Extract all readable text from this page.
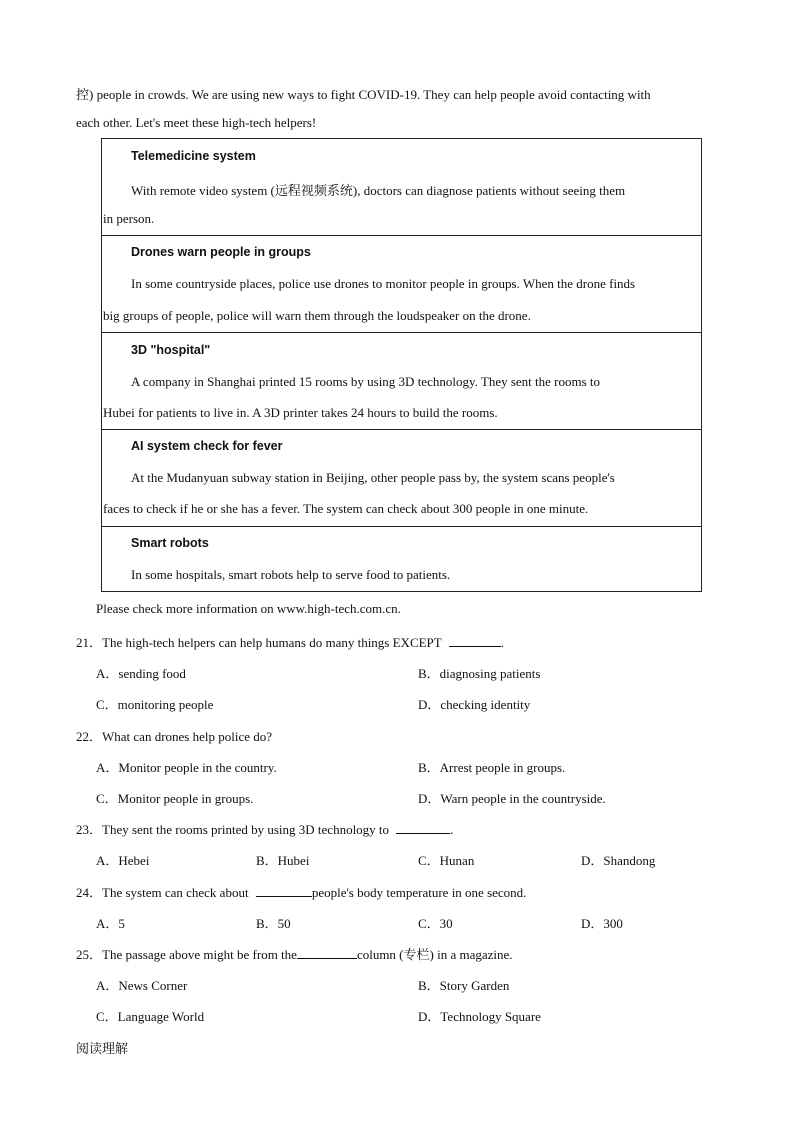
控) people in crowds. We are using new ways to fight COVID-19. They can help people avoid contacting with
each other. Let's meet these high-tech helpers!
Telemedicine system
With remote video system (远程视频系统), doctors can diagnose patients without seeing them
in person.
Drones warn people in groups
In some countryside places, police use drones to monitor people in groups. When the drone finds
big groups of people, police will warn them through the loudspeaker on the drone.
3D "hospital"
A company in Shanghai printed 15 rooms by using 3D technology. They sent the rooms to
Hubei for patients to live in. A 3D printer takes 24 hours to build the rooms.
AI system check for fever
At the Mudanyuan subway station in Beijing, other people pass by, the system scans people's
faces to check if he or she has a fever. The system can check about 300 people in one minute.
Smart robots
In some hospitals, smart robots help to serve food to patients.
Please check more information on www.high-tech.com.cn.
21．The high-tech helpers can help humans do many things EXCEPT	.
A．sending food	B．diagnosing patients
C．monitoring people	D．checking identity
22．What can drones help police do?
A．Monitor people in the country.	B．Arrest people in groups.
C．Monitor people in groups.	D．Warn people in the countryside.
23．They sent the rooms printed by using 3D technology to	.
A．Hebei	B．Hubei	C．Hunan	D．Shandong
24．The system can check about	people's body temperature in one second.
A．5	B．50	C．30	D．300
25．The passage above might be from the	column (专栏) in a magazine.
A．News Corner	B．Story Garden
C．Language World	D．Technology Square
阅读理解
